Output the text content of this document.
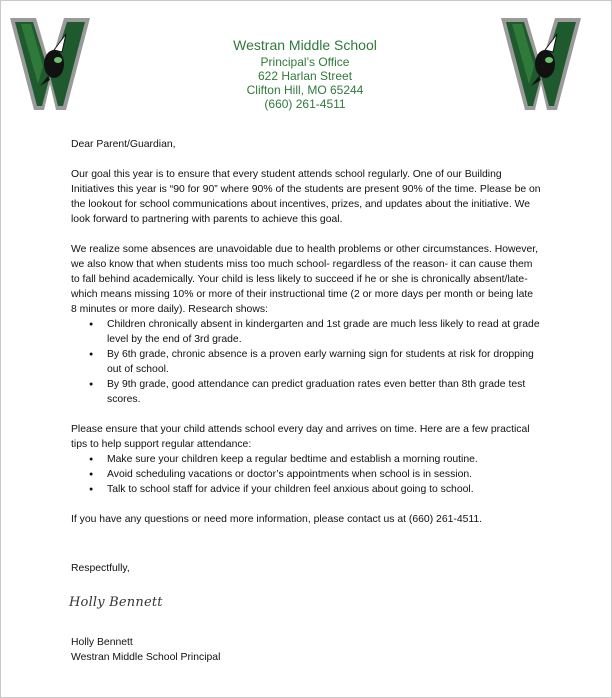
Westran Middle School
Principal’s Office
622 Harlan Street
Clifton Hill, MO 65244
(660) 261-4511

Dear Parent/Guardian,

Our goal this year is to ensure that every student attends school regularly. One of our Building Initiatives this year is “90 for 90” where 90% of the students are present 90% of the time. Please be on the lookout for school communications about incentives, prizes, and updates about the initiative. We look forward to partnering with parents to achieve this goal.

We realize some absences are unavoidable due to health problems or other circumstances. However, we also know that when students miss too much school- regardless of the reason- it can cause them to fall behind academically. Your child is less likely to succeed if he or she is chronically absent/late- which means missing 10% or more of their instructional time (2 or more days per month or being late 8 minutes or more daily). Research shows:

● Children chronically absent in kindergarten and 1st grade are much less likely to read at grade level by the end of 3rd grade.
● By 6th grade, chronic absence is a proven early warning sign for students at risk for dropping out of school.
● By 9th grade, good attendance can predict graduation rates even better than 8th grade test scores.

Please ensure that your child attends school every day and arrives on time. Here are a few practical tips to help support regular attendance:

● Make sure your children keep a regular bedtime and establish a morning routine.
● Avoid scheduling vacations or doctor’s appointments when school is in session.
● Talk to school staff for advice if your children feel anxious about going to school.

If you have any questions or need more information, please contact us at (660) 261-4511.

Respectfully,
Holly Bennett
Holly Bennett
Westran Middle School Principal
